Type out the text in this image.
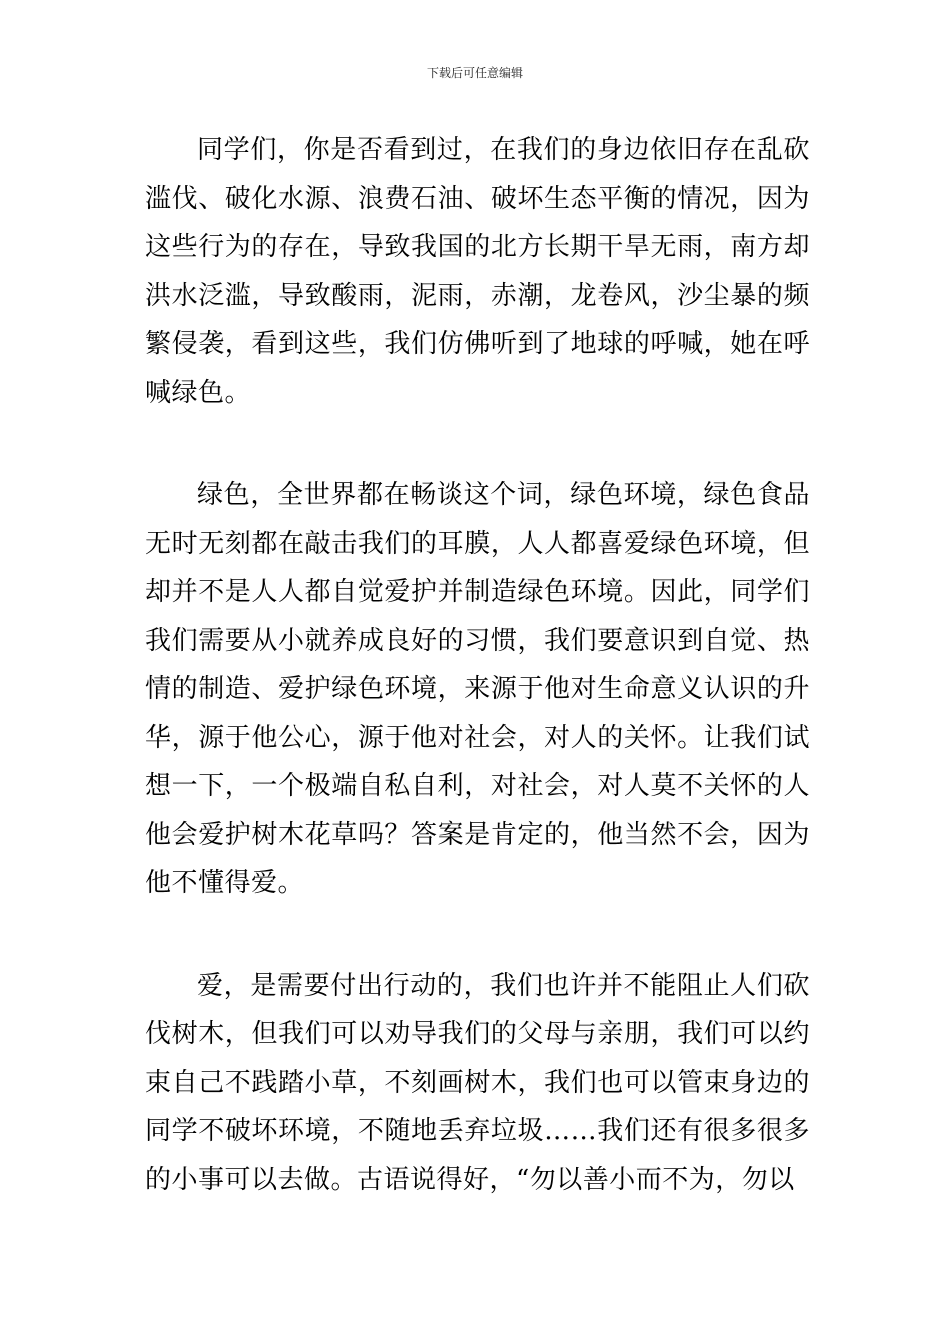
下载后可任意编辑

同学们，你是否看到过，在我们的身边依旧存在乱砍滥伐、破化水源、浪费石油、破坏生态平衡的情况，因为这些行为的存在，导致我国的北方长期干旱无雨，南方却洪水泛滥，导致酸雨，泥雨，赤潮，龙卷风，沙尘暴的频繁侵袭，看到这些，我们仿佛听到了地球的呼喊，她在呼喊绿色。

绿色，全世界都在畅谈这个词，绿色环境，绿色食品无时无刻都在敲击我们的耳膜，人人都喜爱绿色环境，但却并不是人人都自觉爱护并制造绿色环境。因此，同学们我们需要从小就养成良好的习惯，我们要意识到自觉、热情的制造、爱护绿色环境，来源于他对生命意义认识的升华，源于他公心，源于他对社会，对人的关怀。让我们试想一下，一个极端自私自利，对社会，对人莫不关怀的人他会爱护树木花草吗？答案是肯定的，他当然不会，因为他不懂得爱。

爱，是需要付出行动的，我们也许并不能阻止人们砍伐树木，但我们可以劝导我们的父母与亲朋，我们可以约束自己不践踏小草，不刻画树木，我们也可以管束身边的同学不破坏环境，不随地丢弃垃圾……我们还有很多很多的小事可以去做。古语说得好，“勿以善小而不为，勿以
